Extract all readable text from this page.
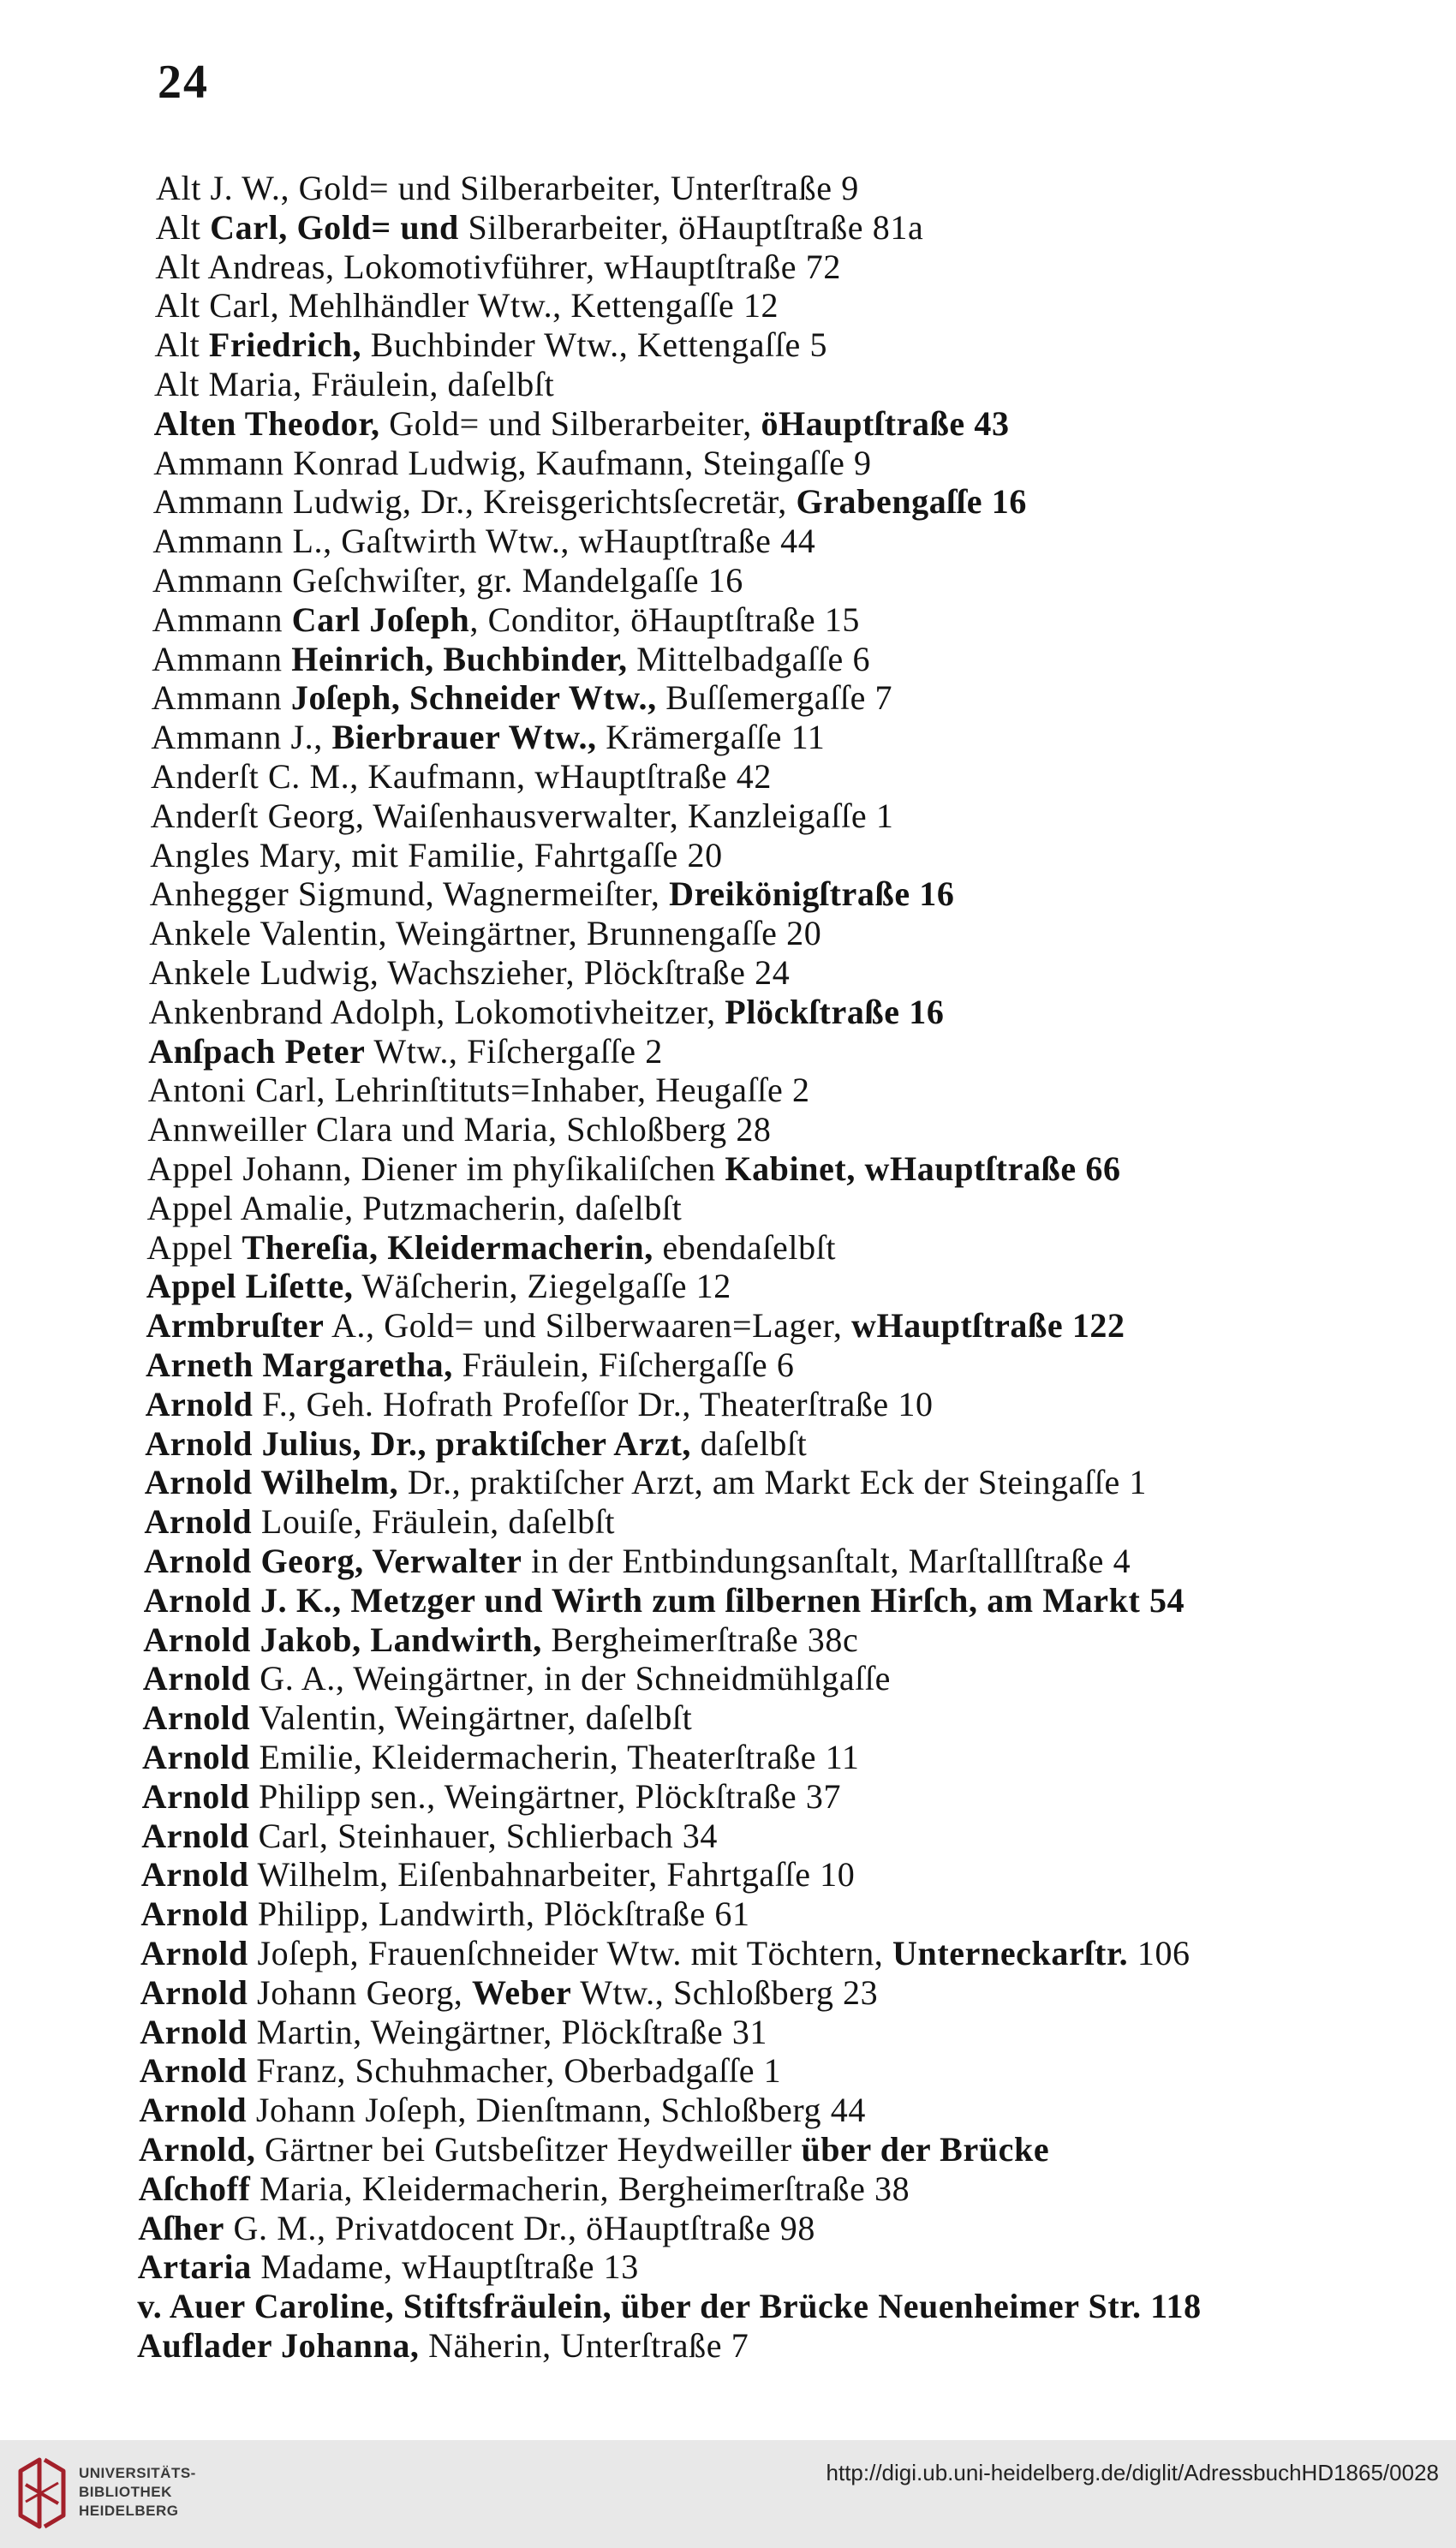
24
Alt J. W., Gold= und Silberarbeiter, Unterſtraße 9
Alt Carl, Gold= und Silberarbeiter, öHauptſtraße 81a
Alt Andreas, Lokomotivführer, wHauptſtraße 72
Alt Carl, Mehlhändler Wtw., Kettengaſſe 12
Alt Friedrich, Buchbinder Wtw., Kettengaſſe 5
Alt Maria, Fräulein, daſelbſt
Alten Theodor, Gold= und Silberarbeiter, öHauptſtraße 43
Ammann Konrad Ludwig, Kaufmann, Steingaſſe 9
Ammann Ludwig, Dr., Kreisgerichtsſecretär, Grabengaſſe 16
Ammann L., Gaſtwirth Wtw., wHauptſtraße 44
Ammann Geſchwiſter, gr. Mandelgaſſe 16
Ammann Carl Joſeph, Conditor, öHauptſtraße 15
Ammann Heinrich, Buchbinder, Mittelbadgaſſe 6
Ammann Joſeph, Schneider Wtw., Buſſemergaſſe 7
Ammann J., Bierbrauer Wtw., Krämergaſſe 11
Anderſt C. M., Kaufmann, wHauptſtraße 42
Anderſt Georg, Waiſenhausverwalter, Kanzleigaſſe 1
Angles Mary, mit Familie, Fahrtgaſſe 20
Anhegger Sigmund, Wagnermeiſter, Dreikönigſtraße 16
Ankele Valentin, Weingärtner, Brunnengaſſe 20
Ankele Ludwig, Wachszieher, Plöckſtraße 24
Ankenbrand Adolph, Lokomotivheitzer, Plöckſtraße 16
Anſpach Peter Wtw., Fiſchergaſſe 2
Antoni Carl, Lehrinſtituts=Inhaber, Heugaſſe 2
Annweiller Clara und Maria, Schloßberg 28
Appel Johann, Diener im phyſikaliſchen Kabinet, wHauptſtraße 66
Appel Amalie, Putzmacherin, daſelbſt
Appel Thereſia, Kleidermacherin, ebendaſelbſt
Appel Liſette, Wäſcherin, Ziegelgaſſe 12
Armbruſter A., Gold= und Silberwaaren=Lager, wHauptſtraße 122
Arneth Margaretha, Fräulein, Fiſchergaſſe 6
Arnold F., Geh. Hofrath Profeſſor Dr., Theaterſtraße 10
Arnold Julius, Dr., praktiſcher Arzt, daſelbſt
Arnold Wilhelm, Dr., praktiſcher Arzt, am Markt Eck der Steingaſſe 1
Arnold Louiſe, Fräulein, daſelbſt
Arnold Georg, Verwalter in der Entbindungsanſtalt, Marſtallſtraße 4
Arnold J. K., Metzger und Wirth zum ſilbernen Hirſch, am Markt 54
Arnold Jakob, Landwirth, Bergheimerſtraße 38c
Arnold G. A., Weingärtner, in der Schneidmühlgaſſe
Arnold Valentin, Weingärtner, daſelbſt
Arnold Emilie, Kleidermacherin, Theaterſtraße 11
Arnold Philipp sen., Weingärtner, Plöckſtraße 37
Arnold Carl, Steinhauer, Schlierbach 34
Arnold Wilhelm, Eiſenbahnarbeiter, Fahrtgaſſe 10
Arnold Philipp, Landwirth, Plöckſtraße 61
Arnold Joſeph, Frauenſchneider Wtw. mit Töchtern, Unterneckarſtr. 106
Arnold Johann Georg, Weber Wtw., Schloßberg 23
Arnold Martin, Weingärtner, Plöckſtraße 31
Arnold Franz, Schuhmacher, Oberbadgaſſe 1
Arnold Johann Joſeph, Dienſtmann, Schloßberg 44
Arnold, Gärtner bei Gutsbeſitzer Heydweiller über der Brücke
Aſchoff Maria, Kleidermacherin, Bergheimerſtraße 38
Aſher G. M., Privatdocent Dr., öHauptſtraße 98
Artaria Madame, wHauptſtraße 13
v. Auer Caroline, Stiftsfräulein, über der Brücke Neuenheimer Str. 118
Auflader Johanna, Näherin, Unterſtraße 7
UNIVERSITÄTS-
BIBLIOTHEK
HEIDELBERG
http://digi.ub.uni-heidelberg.de/diglit/AdressbuchHD1865/0028
